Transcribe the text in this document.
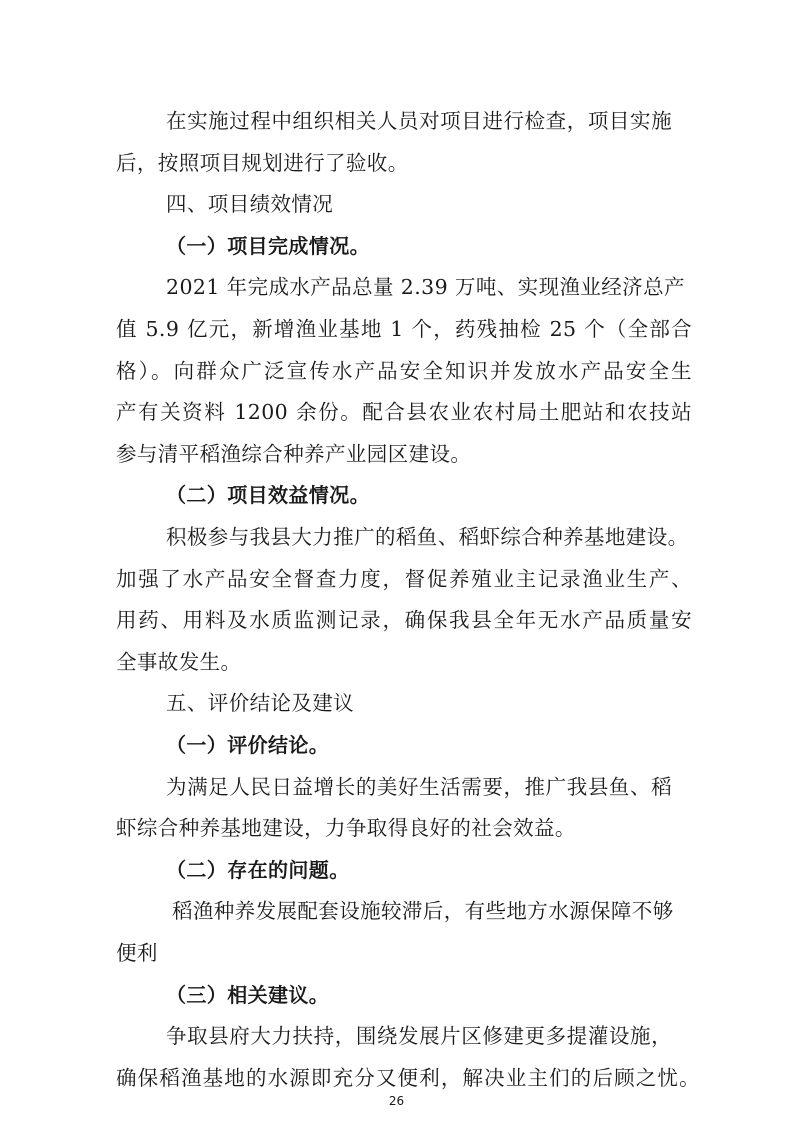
在实施过程中组织相关人员对项目进行检查，项目实施
后，按照项目规划进行了验收。
四、项目绩效情况
（一）项目完成情况。
2021 年完成水产品总量 2.39 万吨、实现渔业经济总产
值 5.9 亿元，新增渔业基地 1 个，药残抽检 25 个（全部合
格）。向群众广泛宣传水产品安全知识并发放水产品安全生
产有关资料 1200 余份。配合县农业农村局土肥站和农技站
参与清平稻渔综合种养产业园区建设。
（二）项目效益情况。
积极参与我县大力推广的稻鱼、稻虾综合种养基地建设。
加强了水产品安全督查力度，督促养殖业主记录渔业生产、
用药、用料及水质监测记录，确保我县全年无水产品质量安
全事故发生。
五、评价结论及建议
（一）评价结论。
为满足人民日益增长的美好生活需要，推广我县鱼、稻
虾综合种养基地建设，力争取得良好的社会效益。
（二）存在的问题。
稻渔种养发展配套设施较滞后，有些地方水源保障不够
便利
（三）相关建议。
争取县府大力扶持，围绕发展片区修建更多提灌设施，
确保稻渔基地的水源即充分又便利，解决业主们的后顾之忧。
26
